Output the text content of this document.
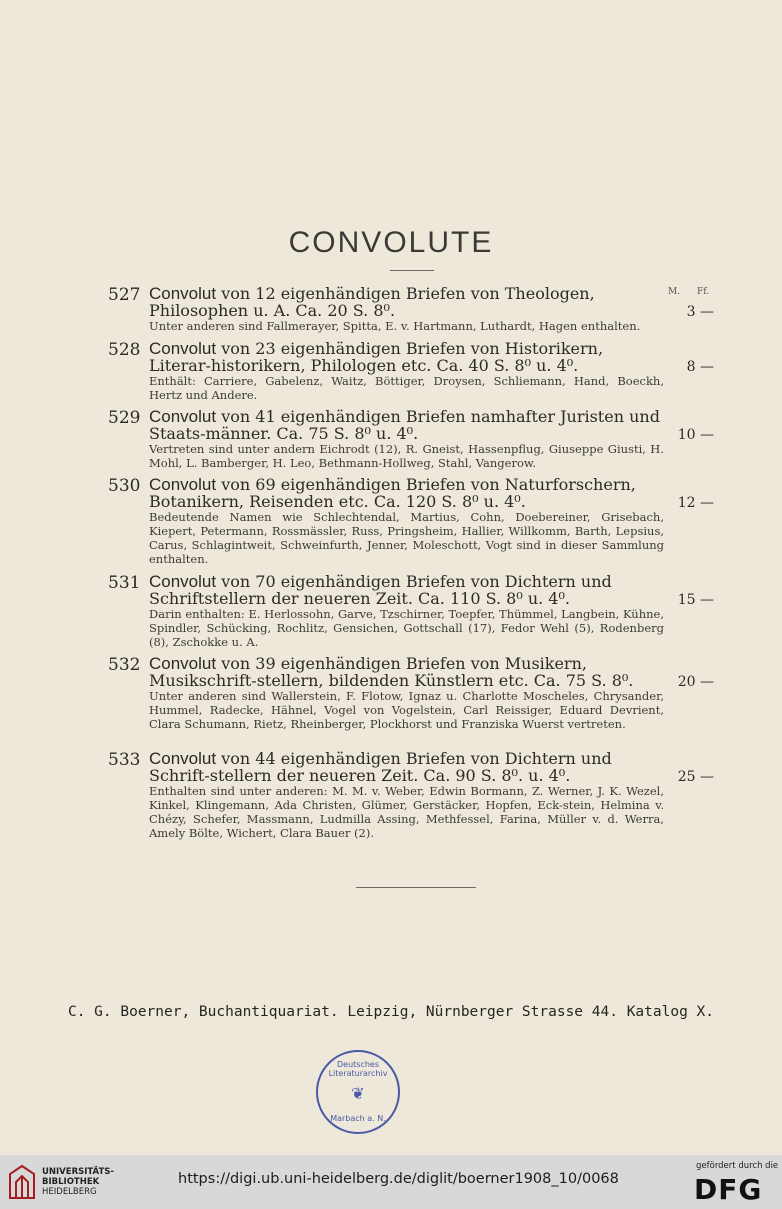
CONVOLUTE
M. Ff.
527 Convolut von 12 eigenhändigen Briefen von Theologen, Philosophen u. A. Ca. 20 S. 8⁰.	3 —
Unter anderen sind Fallmerayer, Spitta, E. v. Hartmann, Luthardt, Hagen enthalten.
528 Convolut von 23 eigenhändigen Briefen von Historikern, Literar-historikern, Philologen etc. Ca. 40 S. 8⁰ u. 4⁰.	8 —
Enthält: Carriere, Gabelenz, Waitz, Böttiger, Droysen, Schliemann, Hand, Boeckh, Hertz und Andere.
529 Convolut von 41 eigenhändigen Briefen namhafter Juristen und Staats-männer. Ca. 75 S. 8⁰ u. 4⁰.	10 —
Vertreten sind unter andern Eichrodt (12), R. Gneist, Hassenpflug, Giuseppe Giusti, H. Mohl, L. Bamberger, H. Leo, Bethmann-Hollweg, Stahl, Vangerow.
530 Convolut von 69 eigenhändigen Briefen von Naturforschern, Botanikern, Reisenden etc. Ca. 120 S. 8⁰ u. 4⁰.	12 —
Bedeutende Namen wie Schlechtendal, Martius, Cohn, Doebereiner, Grisebach, Kiepert, Petermann, Rossmässler, Russ, Pringsheim, Hallier, Willkomm, Barth, Lepsius, Carus, Schlagintweit, Schweinfurth, Jenner, Moleschott, Vogt sind in dieser Sammlung enthalten.
531 Convolut von 70 eigenhändigen Briefen von Dichtern und Schriftstellern der neueren Zeit. Ca. 110 S. 8⁰ u. 4⁰.	15 —
Darin enthalten: E. Herlossohn, Garve, Tzschirner, Toepfer, Thümmel, Langbein, Kühne, Spindler, Schücking, Rochlitz, Gensichen, Gottschall (17), Fedor Wehl (5), Rodenberg (8), Zschokke u. A.
532 Convolut von 39 eigenhändigen Briefen von Musikern, Musikschrift-stellern, bildenden Künstlern etc. Ca. 75 S. 8⁰.	20 —
Unter anderen sind Wallerstein, F. Flotow, Ignaz u. Charlotte Moscheles, Chrysander, Hummel, Radecke, Hähnel, Vogel von Vogelstein, Carl Reissiger, Eduard Devrient, Clara Schumann, Rietz, Rheinberger, Plockhorst und Franziska Wuerst vertreten.
533 Convolut von 44 eigenhändigen Briefen von Dichtern und Schrift-stellern der neueren Zeit. Ca. 90 S. 8⁰. u. 4⁰.	25 —
Enthalten sind unter anderen: M. M. v. Weber, Edwin Bormann, Z. Werner, J. K. Wezel, Kinkel, Klingemann, Ada Christen, Glümer, Gerstäcker, Hopfen, Eck-stein, Helmina v. Chézy, Schefer, Massmann, Ludmilla Assing, Methfessel, Farina, Müller v. d. Werra, Amely Bölte, Wichert, Clara Bauer (2).
C. G. Boerner, Buchantiquariat. Leipzig, Nürnberger Strasse 44. Katalog X.
Deutsches Literaturarchiv
❦
Marbach a. N.
UNIVERSITÄTS-
BIBLIOTHEK
HEIDELBERG
https://digi.ub.uni-heidelberg.de/diglit/boerner1908_10/0068
gefördert durch die
DFG
